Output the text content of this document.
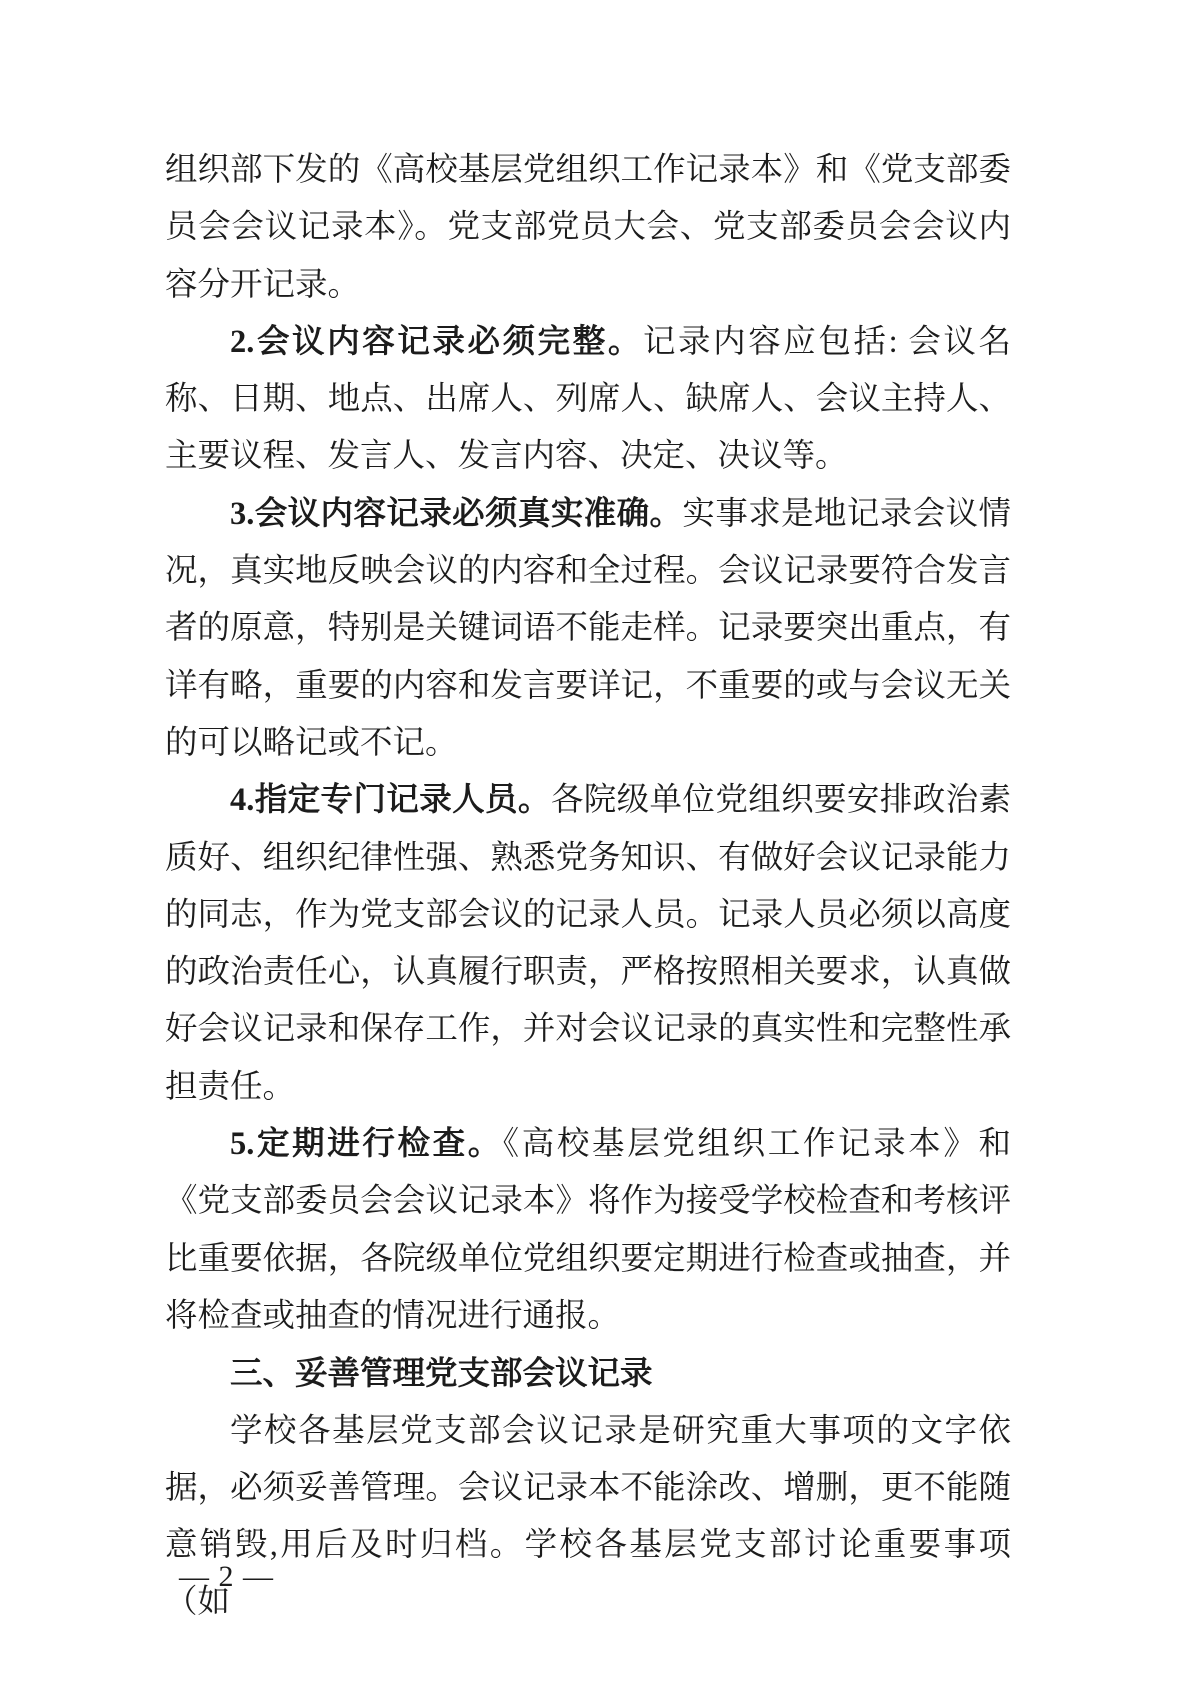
组织部下发的《高校基层党组织工作记录本》和《党支部委员会会议记录本》。党支部党员大会、党支部委员会会议内容分开记录。

2.会议内容记录必须完整。记录内容应包括: 会议名称、日期、地点、出席人、列席人、缺席人、会议主持人、主要议程、发言人、发言内容、决定、决议等。

3.会议内容记录必须真实准确。实事求是地记录会议情况，真实地反映会议的内容和全过程。会议记录要符合发言者的原意，特别是关键词语不能走样。记录要突出重点，有详有略，重要的内容和发言要详记，不重要的或与会议无关的可以略记或不记。

4.指定专门记录人员。各院级单位党组织要安排政治素质好、组织纪律性强、熟悉党务知识、有做好会议记录能力的同志，作为党支部会议的记录人员。记录人员必须以高度的政治责任心，认真履行职责，严格按照相关要求，认真做好会议记录和保存工作，并对会议记录的真实性和完整性承担责任。

5.定期进行检查。《高校基层党组织工作记录本》和《党支部委员会会议记录本》将作为接受学校检查和考核评比重要依据，各院级单位党组织要定期进行检查或抽查，并将检查或抽查的情况进行通报。

三、妥善管理党支部会议记录

学校各基层党支部会议记录是研究重大事项的文字依据，必须妥善管理。会议记录本不能涂改、增删，更不能随意销毁,用后及时归档。学校各基层党支部讨论重要事项（如

— 2 —
